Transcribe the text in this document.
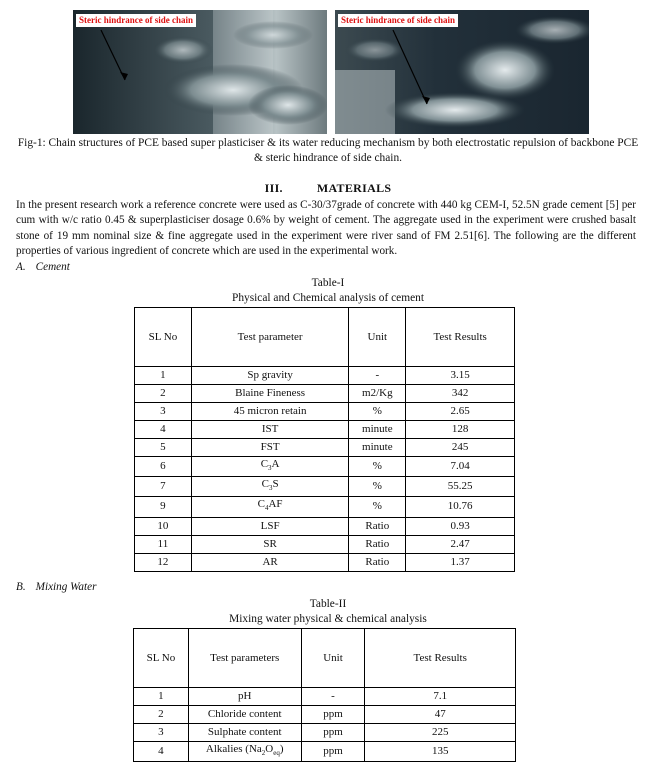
Steric hindrance of side chain	Steric hindrance of side chain
Fig-1: Chain structures of PCE based super plasticiser & its water reducing mechanism by both electrostatic repulsion of backbone PCE & steric hindrance of side chain.
III.	MATERIALS
In the present research work a reference concrete were used as C-30/37grade of concrete with 440 kg CEM-I, 52.5N grade cement [5] per cum with w/c ratio 0.45 & superplasticiser dosage 0.6% by weight of cement. The aggregate used in the experiment were crushed basalt stone of 19 mm nominal size & fine aggregate used in the experiment were river sand of FM 2.51[6]. The following are the different properties of various ingredient of concrete which are used in the experimental work.
A. Cement
Table-I
Physical and Chemical analysis of cement
SL No	Test parameter	Unit	Test Results
1	Sp gravity	-	3.15
2	Blaine Fineness	m2/Kg	342
3	45 micron retain	%	2.65
4	IST	minute	128
5	FST	minute	245
6	$C_3A$	%	7.04
7	$C_3S$	%	55.25
9	$C_4AF$	%	10.76
10	LSF	Ratio	0.93
11	SR	Ratio	2.47
12	AR	Ratio	1.37
B. Mixing Water
Table-II
Mixing water physical & chemical analysis
SL No	Test parameters	Unit	Test Results
1	pH	-	7.1
2	Chloride content	ppm	47
3	Sulphate content	ppm	225
4	Alkalies $(Na_2O_{eq})$	ppm	135
